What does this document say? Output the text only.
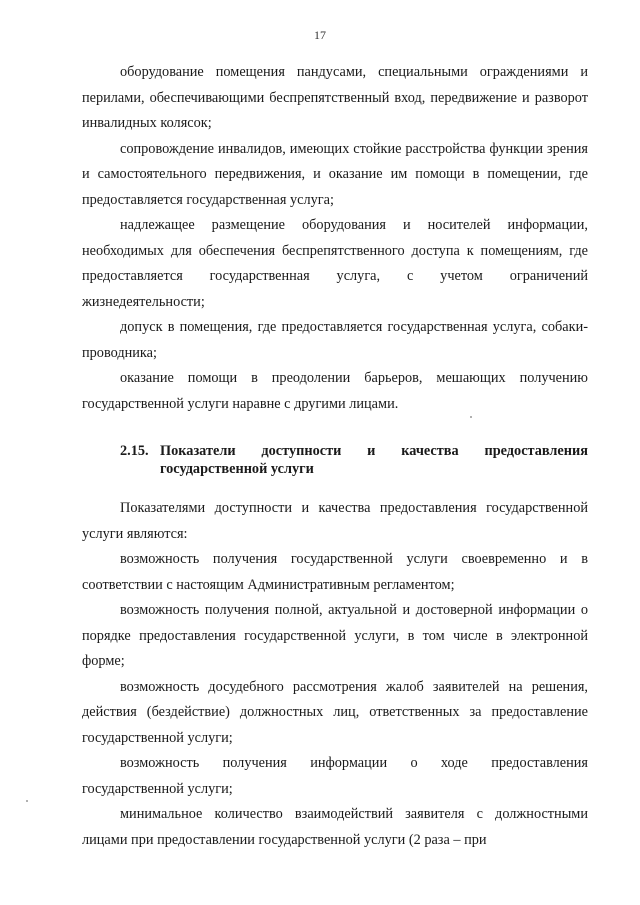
17

оборудование помещения пандусами, специальными ограждениями и перилами, обеспечивающими беспрепятственный вход, передвижение и разворот инвалидных колясок;

сопровождение инвалидов, имеющих стойкие расстройства функции зрения и самостоятельного передвижения, и оказание им помощи в помещении, где предоставляется государственная услуга;

надлежащее размещение оборудования и носителей информации, необходимых для обеспечения беспрепятственного доступа к помещениям, где предоставляется государственная услуга, с учетом ограничений жизнедеятельности;

допуск в помещения, где предоставляется государственная услуга, собаки-проводника;

оказание помощи в преодолении барьеров, мешающих получению государственной услуги наравне с другими лицами.

2.15. Показатели доступности и качества предоставления
государственной услуги

Показателями доступности и качества предоставления государственной услуги являются:

возможность получения государственной услуги своевременно и в соответствии с настоящим Административным регламентом;

возможность получения полной, актуальной и достоверной информации о порядке предоставления государственной услуги, в том числе в электронной форме;

возможность досудебного рассмотрения жалоб заявителей на решения, действия (бездействие) должностных лиц, ответственных за предоставление государственной услуги;

возможность получения информации о ходе предоставления государственной услуги;

минимальное количество взаимодействий заявителя с должностными лицами при предоставлении государственной услуги (2 раза – при
